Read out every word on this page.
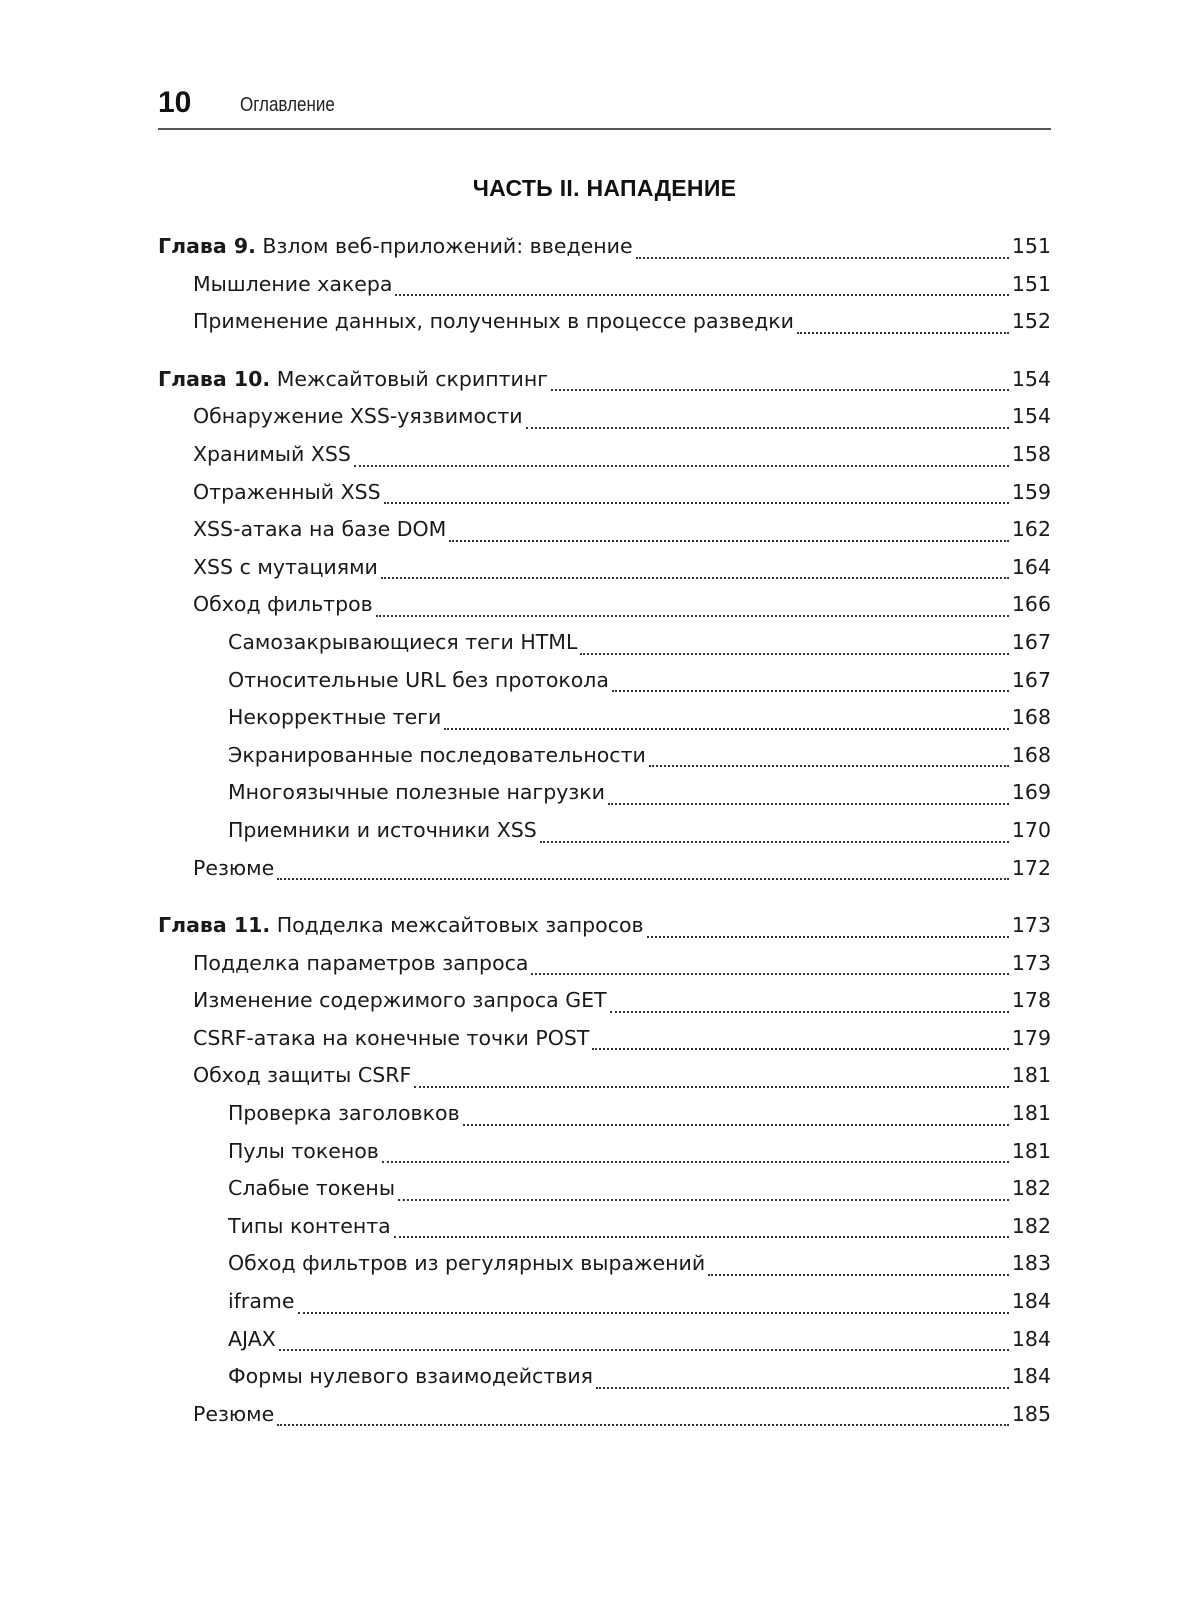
10 Оглавление
ЧАСТЬ II. НАПАДЕНИЕ
Глава 9. Взлом веб-приложений: введение	151
Мышление хакера	151
Применение данных, полученных в процессе разведки	152
Глава 10. Межсайтовый скриптинг	154
Обнаружение XSS-уязвимости	154
Хранимый XSS	158
Отраженный XSS	159
XSS-атака на базе DOM	162
XSS с мутациями	164
Обход фильтров	166
Самозакрывающиеся теги HTML	167
Относительные URL без протокола	167
Некорректные теги	168
Экранированные последовательности	168
Многоязычные полезные нагрузки	169
Приемники и источники XSS	170
Резюме	172
Глава 11. Подделка межсайтовых запросов	173
Подделка параметров запроса	173
Изменение содержимого запроса GET	178
CSRF-атака на конечные точки POST	179
Обход защиты CSRF	181
Проверка заголовков	181
Пулы токенов	181
Слабые токены	182
Типы контента	182
Обход фильтров из регулярных выражений	183
iframe	184
AJAX	184
Формы нулевого взаимодействия	184
Резюме	185
